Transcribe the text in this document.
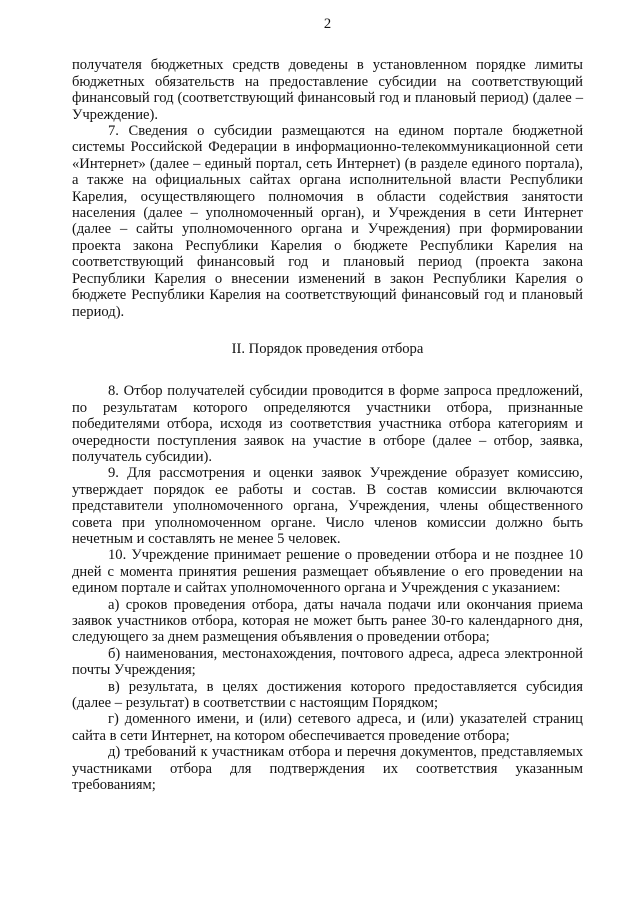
2

получателя бюджетных средств доведены в установленном порядке лимиты бюджетных обязательств на предоставление субсидии на соответствующий финансовый год (соответствующий финансовый год и плановый период) (далее – Учреждение).

7. Сведения о субсидии размещаются на едином портале бюджетной системы Российской Федерации в информационно-телекоммуникационной сети «Интернет» (далее – единый портал, сеть Интернет) (в разделе единого портала), а также на официальных сайтах органа исполнительной власти Республики Карелия, осуществляющего полномочия в области содействия занятости населения (далее – уполномоченный орган), и Учреждения в сети Интернет (далее – сайты уполномоченного органа и Учреждения) при формировании проекта закона Республики Карелия о бюджете Республики Карелия на соответствующий финансовый год и плановый период (проекта закона Республики Карелия о внесении изменений в закон Республики Карелия о бюджете Республики Карелия на соответствующий финансовый год и плановый период).

II. Порядок проведения отбора

8. Отбор получателей субсидии проводится в форме запроса предложений, по результатам которого определяются участники отбора, признанные победителями отбора, исходя из соответствия участника отбора категориям и очередности поступления заявок на участие в отборе (далее – отбор, заявка, получатель субсидии).

9. Для рассмотрения и оценки заявок Учреждение образует комиссию, утверждает порядок ее работы и состав. В состав комиссии включаются представители уполномоченного органа, Учреждения, члены общественного совета при уполномоченном органе. Число членов комиссии должно быть нечетным и составлять не менее 5 человек.

10. Учреждение принимает решение о проведении отбора и не позднее 10 дней с момента принятия решения размещает объявление о его проведении на едином портале и сайтах уполномоченного органа и Учреждения с указанием:

а) сроков проведения отбора, даты начала подачи или окончания приема заявок участников отбора, которая не может быть ранее 30-го календарного дня, следующего за днем размещения объявления о проведении отбора;

б) наименования, местонахождения, почтового адреса, адреса электронной почты Учреждения;

в) результата, в целях достижения которого предоставляется субсидия (далее – результат) в соответствии с настоящим Порядком;

г) доменного имени, и (или) сетевого адреса, и (или) указателей страниц сайта в сети Интернет, на котором обеспечивается проведение отбора;

д) требований к участникам отбора и перечня документов, представляемых участниками отбора для подтверждения их соответствия указанным требованиям;
